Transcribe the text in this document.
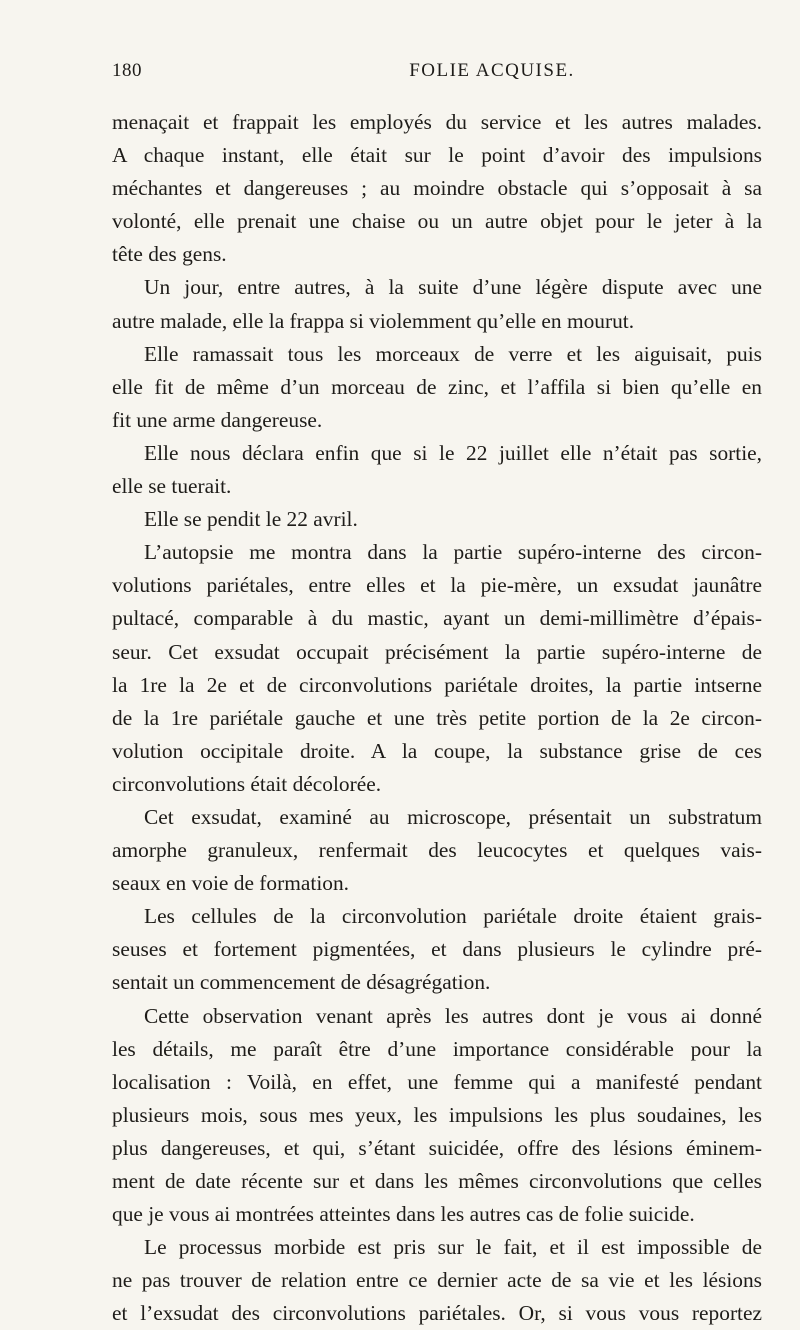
180	FOLIE ACQUISE.
menaçait et frappait les employés du service et les autres malades.
A chaque instant, elle était sur le point d’avoir des impulsions
méchantes et dangereuses ; au moindre obstacle qui s’opposait à sa
volonté, elle prenait une chaise ou un autre objet pour le jeter à la
tête des gens.
Un jour, entre autres, à la suite d’une légère dispute avec une
autre malade, elle la frappa si violemment qu’elle en mourut.
Elle ramassait tous les morceaux de verre et les aiguisait, puis
elle fit de même d’un morceau de zinc, et l’affila si bien qu’elle en
fit une arme dangereuse.
Elle nous déclara enfin que si le 22 juillet elle n’était pas sortie,
elle se tuerait.
Elle se pendit le 22 avril.
L’autopsie me montra dans la partie supéro-interne des circon-
volutions pariétales, entre elles et la pie-mère, un exsudat jaunâtre
pultacé, comparable à du mastic, ayant un demi-millimètre d’épais-
seur. Cet exsudat occupait précisément la partie supéro-interne de
la 1re la 2e et de circonvolutions pariétale droites, la partie intserne
de la 1re pariétale gauche et une très petite portion de la 2e circon-
volution occipitale droite. A la coupe, la substance grise de ces
circonvolutions était décolorée.
Cet exsudat, examiné au microscope, présentait un substratum
amorphe granuleux, renfermait des leucocytes et quelques vais-
seaux en voie de formation.
Les cellules de la circonvolution pariétale droite étaient grais-
seuses et fortement pigmentées, et dans plusieurs le cylindre pré-
sentait un commencement de désagrégation.
Cette observation venant après les autres dont je vous ai donné
les détails, me paraît être d’une importance considérable pour la
localisation : Voilà, en effet, une femme qui a manifesté pendant
plusieurs mois, sous mes yeux, les impulsions les plus soudaines, les
plus dangereuses, et qui, s’étant suicidée, offre des lésions éminem-
ment de date récente sur et dans les mêmes circonvolutions que celles
que je vous ai montrées atteintes dans les autres cas de folie suicide.
Le processus morbide est pris sur le fait, et il est impossible de
ne pas trouver de relation entre ce dernier acte de sa vie et les lésions
et l’exsudat des circonvolutions pariétales. Or, si vous vous reportez
